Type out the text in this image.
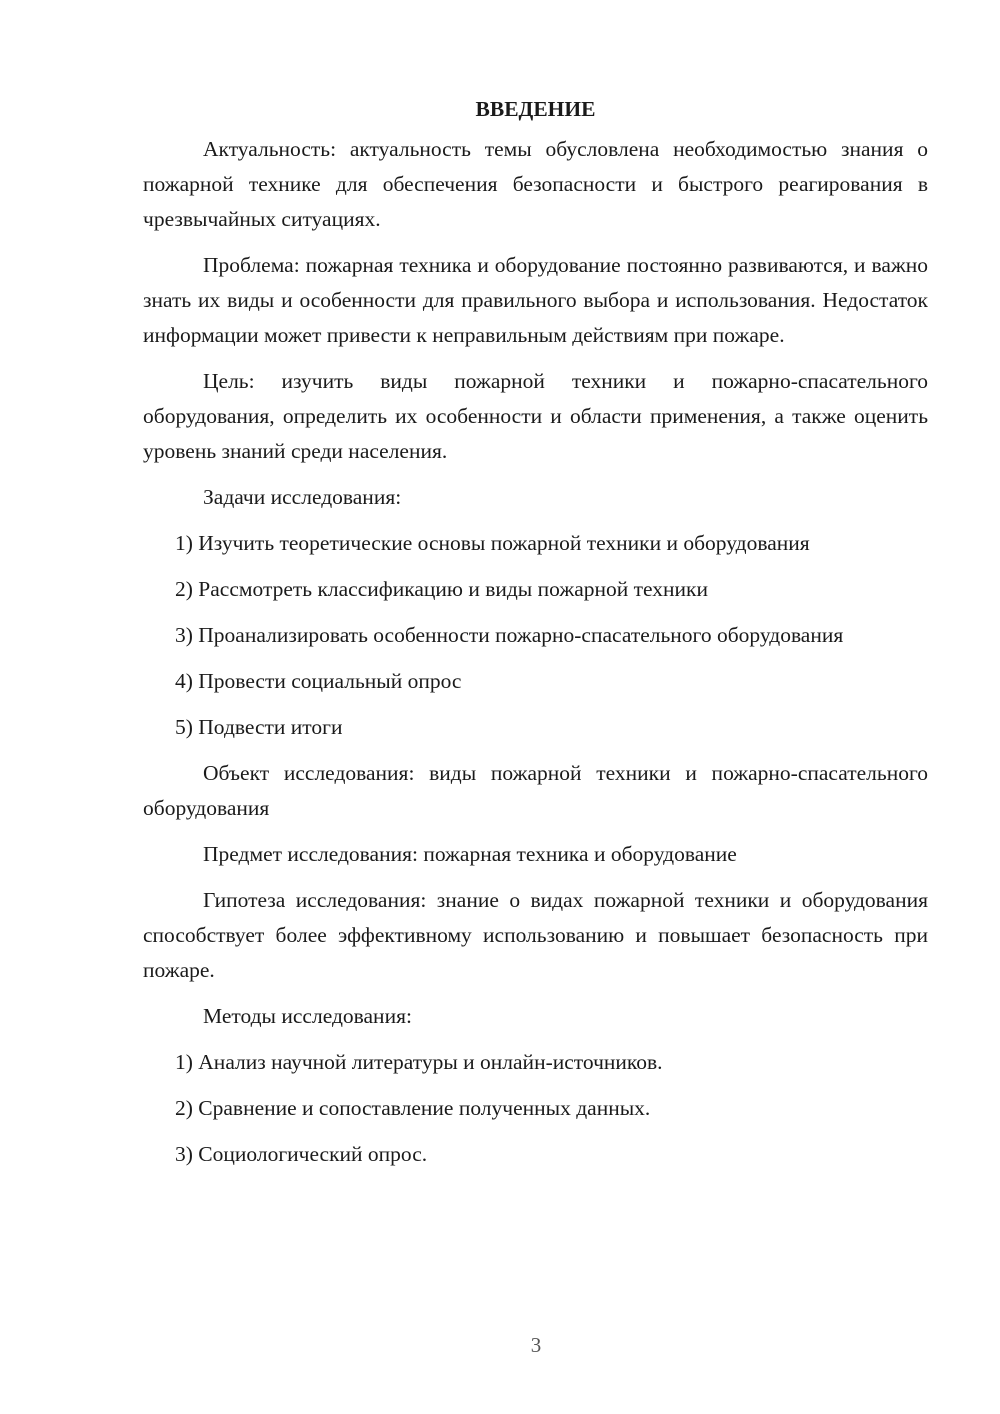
ВВЕДЕНИЕ

Актуальность: актуальность темы обусловлена необходимостью знания о пожарной технике для обеспечения безопасности и быстрого реагирования в чрезвычайных ситуациях.

Проблема: пожарная техника и оборудование постоянно развиваются, и важно знать их виды и особенности для правильного выбора и использования. Недостаток информации может привести к неправильным действиям при пожаре.

Цель: изучить виды пожарной техники и пожарно-спасательного оборудования, определить их особенности и области применения, а также оценить уровень знаний среди населения.

Задачи исследования:

1) Изучить теоретические основы пожарной техники и оборудования

2) Рассмотреть классификацию и виды пожарной техники

3) Проанализировать особенности пожарно-спасательного оборудования

4) Провести социальный опрос

5) Подвести итоги

Объект исследования: виды пожарной техники и пожарно-спасательного оборудования

Предмет исследования: пожарная техника и оборудование

Гипотеза исследования: знание о видах пожарной техники и оборудования способствует более эффективному использованию и повышает безопасность при пожаре.

Методы исследования:

1) Анализ научной литературы и онлайн-источников.

2) Сравнение и сопоставление полученных данных.

3) Социологический опрос.

3
